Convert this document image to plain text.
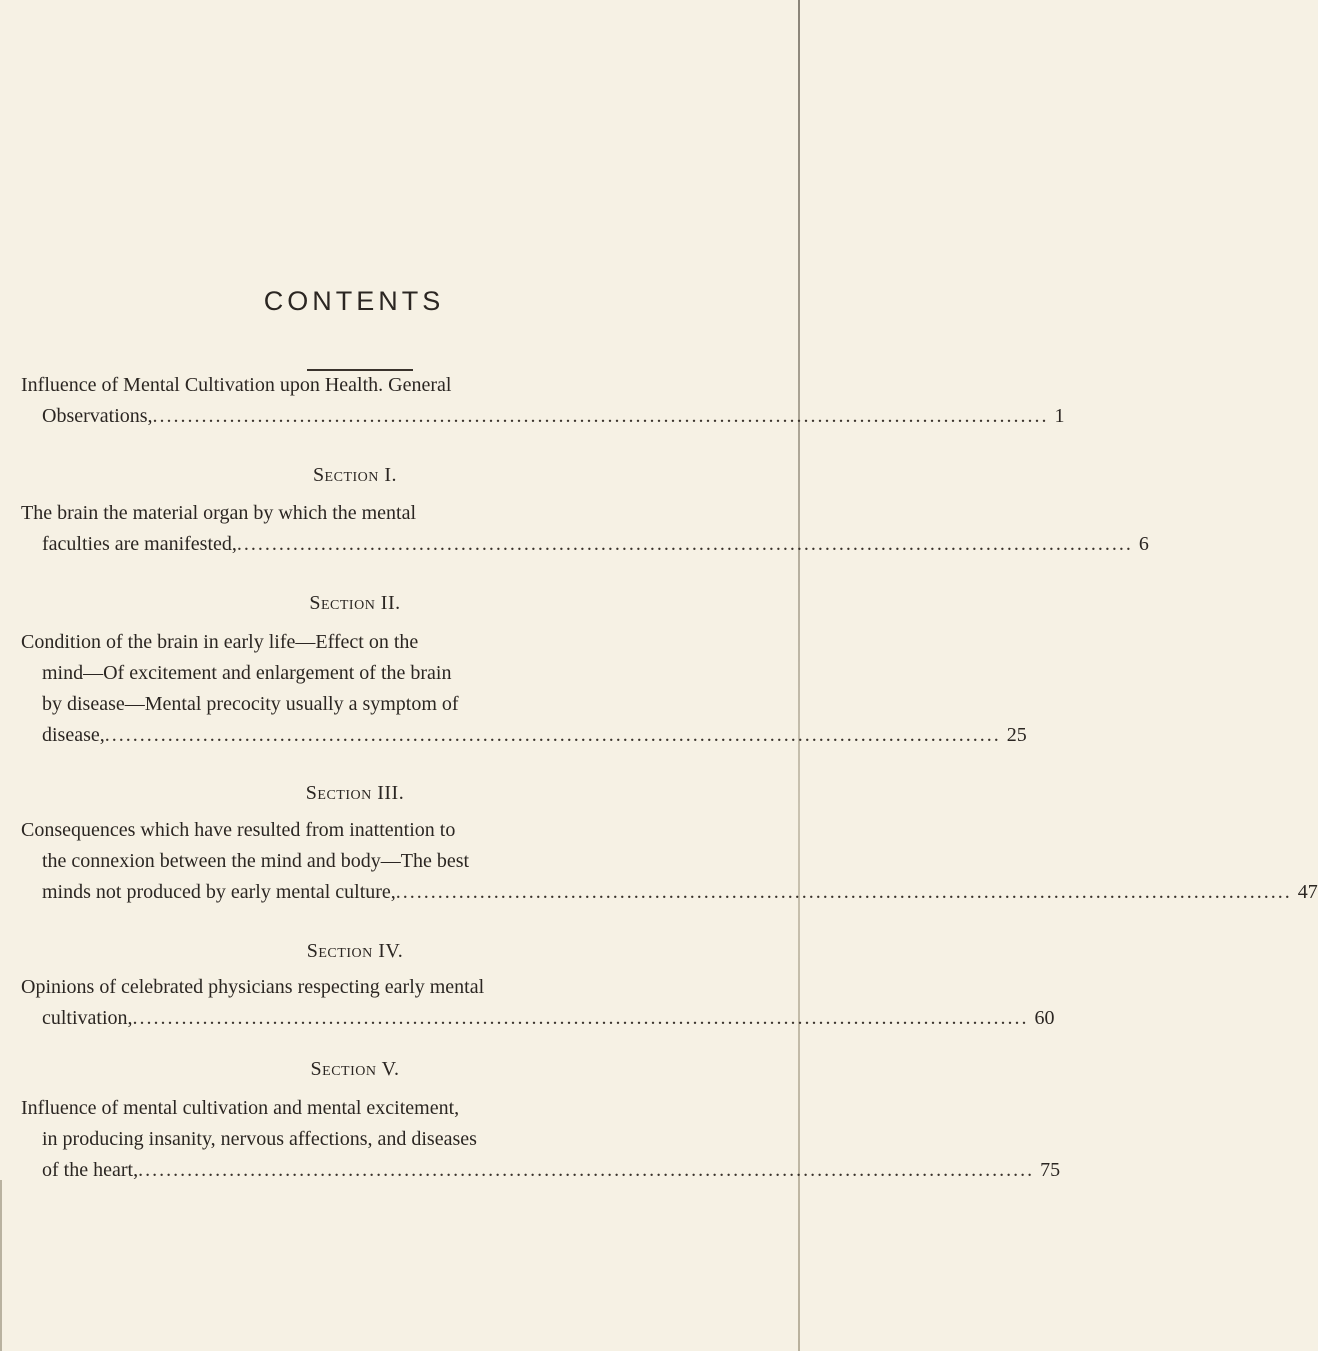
CONTENTS
Influence of Mental Cultivation upon Health. General
Observations, ................................................................................................................................ 1
Section I.
The brain the material organ by which the mental
faculties are manifested, ................................................................................................................................ 6
Section II.
Condition of the brain in early life—Effect on the
mind—Of excitement and enlargement of the brain
by disease—Mental precocity usually a symptom of
disease, ................................................................................................................................ 25
Section III.
Consequences which have resulted from inattention to
the connexion between the mind and body—The best
minds not produced by early mental culture, ................................................................................................................................ 47
Section IV.
Opinions of celebrated physicians respecting early mental
cultivation, ................................................................................................................................ 60
Section V.
Influence of mental cultivation and mental excitement,
in producing insanity, nervous affections, and diseases
of the heart, ................................................................................................................................ 75
